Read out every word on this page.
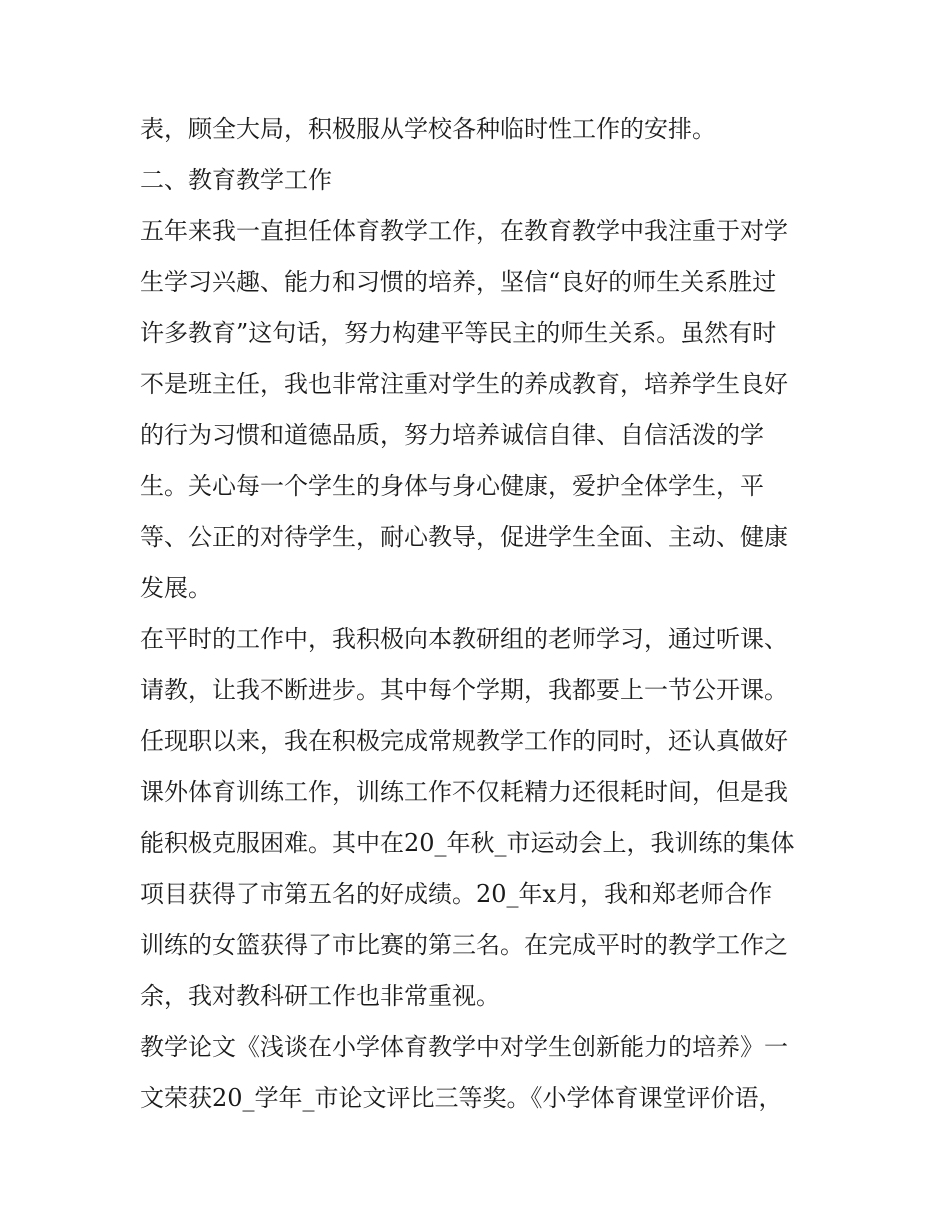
表，顾全大局，积极服从学校各种临时性工作的安排。
二、教育教学工作
五年来我一直担任体育教学工作，在教育教学中我注重于对学
生学习兴趣、能力和习惯的培养，坚信“良好的师生关系胜过
许多教育”这句话，努力构建平等民主的师生关系。虽然有时
不是班主任，我也非常注重对学生的养成教育，培养学生良好
的行为习惯和道德品质，努力培养诚信自律、自信活泼的学
生。关心每一个学生的身体与身心健康，爱护全体学生，平
等、公正的对待学生，耐心教导，促进学生全面、主动、健康
发展。
在平时的工作中，我积极向本教研组的老师学习，通过听课、
请教，让我不断进步。其中每个学期，我都要上一节公开课。
任现职以来，我在积极完成常规教学工作的同时，还认真做好
课外体育训练工作，训练工作不仅耗精力还很耗时间，但是我
能积极克服困难。其中在20_年秋_市运动会上，我训练的集体
项目获得了市第五名的好成绩。20_年x月，我和郑老师合作
训练的女篮获得了市比赛的第三名。在完成平时的教学工作之
余，我对教科研工作也非常重视。
教学论文《浅谈在小学体育教学中对学生创新能力的培养》一
文荣获20_学年_市论文评比三等奖。《小学体育课堂评价语，
